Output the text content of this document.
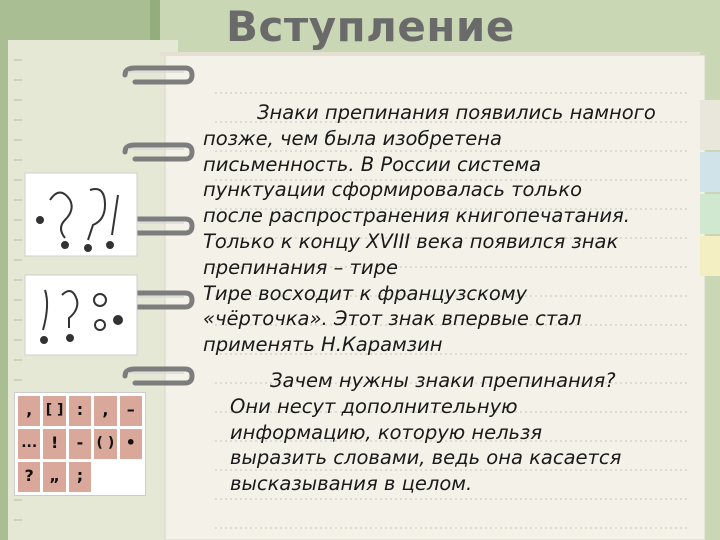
Вступление
Знаки препинания появились намного
позже, чем была изобретена
письменность. В России система
пунктуации сформировалась только
после распространения книгопечатания.
Только к концу XVIII века появился знак
препинания – тире
Тире восходит к французскому
«чёрточка». Этот знак впервые стал
применять Н.Карамзин
Зачем нужны знаки препинания?
Они несут дополнительную
информацию, которую нельзя
выразить словами, ведь она касается
высказывания в целом.
, [ ] :	,	–
... !	- ( ) •
? „	;
